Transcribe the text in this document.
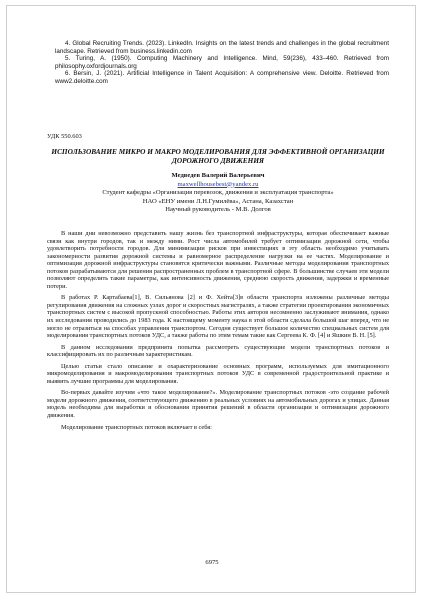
4. Global Recruiting Trends. (2023). LinkedIn. Insights on the latest trends and challenges in the global recruitment landscape. Retrieved from business.linkedin.com

5. Turing, A. (1950). Computing Machinery and Intelligence. Mind, 59(236), 433–460. Retrieved from philosophy.oxfordjournals.org

6. Bersin, J. (2021). Artificial Intelligence in Talent Acquisition: A comprehensive view. Deloitte. Retrieved from www2.deloitte.com

УДК 550.603
ИСПОЛЬЗОВАНИЕ МИКРО И МАКРО МОДЕЛИРОВАНИЯ ДЛЯ ЭФФЕКТИВНОЙ ОРГАНИЗАЦИИ ДОРОЖНОГО ДВИЖЕНИЯ
Медведев Валерий Валерьевич
maxwellhousebest@yandex.ru
Студент кафедры «Организация перевозок, движения и эксплуатация транспорта»
НАО «ЕНУ имени Л.Н.Гумилёва», Астана, Казахстан
Научный руководитель - М.В. Долгов

В наши дни невозможно представить нашу жизнь без транспортной инфраструктуры, которая обеспечивает важные связи как внутри городов, так и между ними. Рост числа автомобилей требует оптимизации дорожной сети, чтобы удовлетворить потребности городов. Для минимизации рисков при инвестициях в эту область необходимо учитывать закономерности развития дорожной системы и равномерное распределение нагрузки на ее частях. Моделирование и оптимизация дорожной инфраструктуры становятся критически важными. Различные методы моделирования транспортных потоков разрабатываются для решения распространенных проблем в транспортной сфере. В большинстве случаев эти модели позволяют определить такие параметры, как интенсивность движения, среднюю скорость движения, задержки и временные потери.

В работах Р. Картабаева[1], В. Сильянова [2] и Ф. Хейта[3]в области транспорта изложены различные методы регулирования движения на сложных узлах дорог и скоростных магистралях, а также стратегии проектирования экономичных транспортных систем с высокой пропускной способностью. Работы этих авторов несомненно заслуживают внимания, однако их исследования проводились до 1983 года. К настоящему моменту наука в этой области сделала большой шаг вперед, что не могло не отразиться на способах управления транспортом. Сегодня существует большое количество специальных систем для моделирования транспортных потоков УДС, а также работы по этим темам такие как Сергеева К. Ф. [4] и Яшкин В. Н. [5].

В данном исследовании предпринята попытка рассмотреть существующие модели транспортных потоков и классифицировать их по различным характеристикам.

Целью статьи стало описание и охарактеризование основных программ, используемых для имитационного микромоделирования и макромоделирования транспортных потоков УДС в современной градостроительной практике и выявить лучшие программы для моделирования.

Во-первых давайте изучим «что такое моделирование?». Моделирование транспортных потоков -это создание рабочей модели дорожного движения, соответствующего движению в реальных условиях на автомобильных дорогах и улицах. Данная модель необходима для выработки и обоснования принятия решений в области организации и оптимизации дорожного движения.

Моделирование транспортных потоков включает в себя:

6975
